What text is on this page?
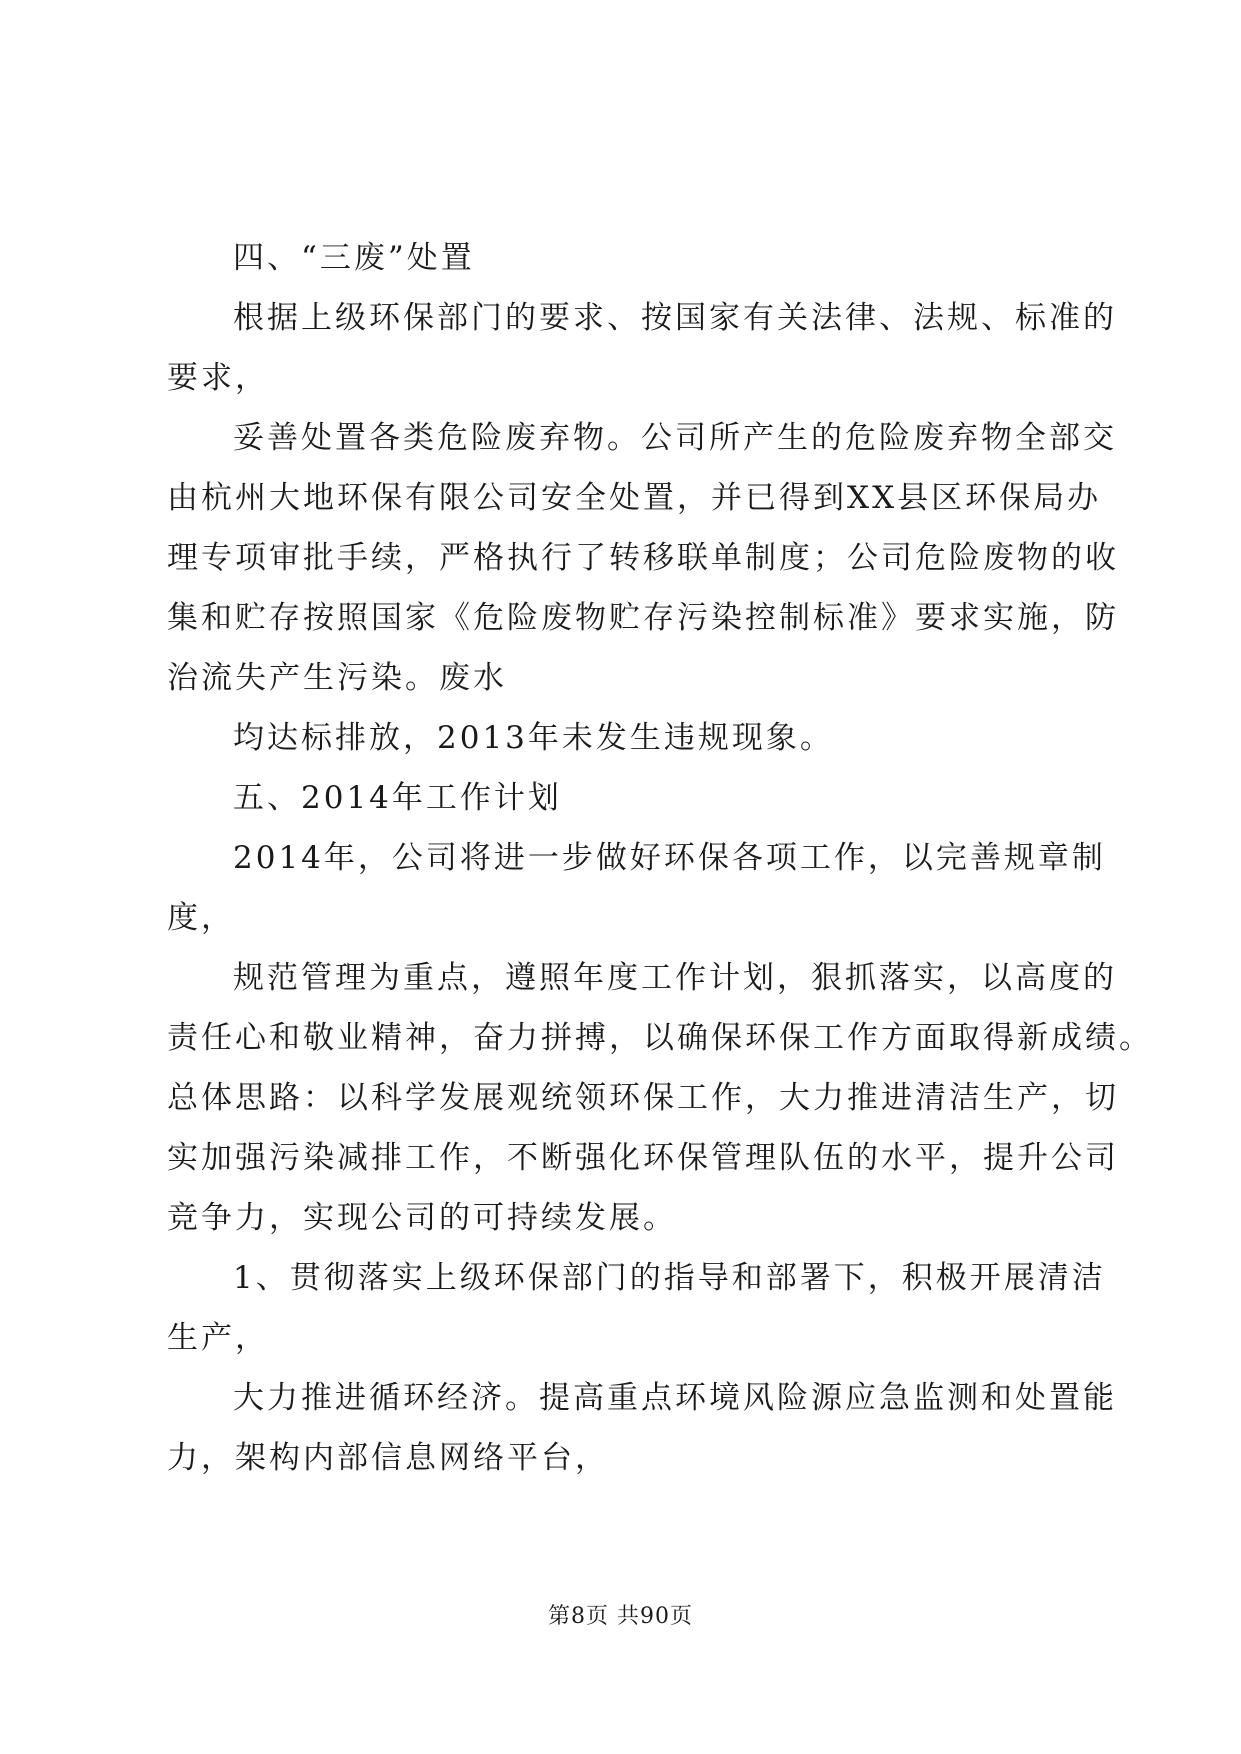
四、“三废”处置
根据上级环保部门的要求、按国家有关法律、法规、标准的
要求，
妥善处置各类危险废弃物。公司所产生的危险废弃物全部交
由杭州大地环保有限公司安全处置，并已得到XX县区环保局办
理专项审批手续，严格执行了转移联单制度；公司危险废物的收
集和贮存按照国家《危险废物贮存污染控制标准》要求实施，防
治流失产生污染。废水
均达标排放，2013年未发生违规现象。
五、2014年工作计划
2014年，公司将进一步做好环保各项工作，以完善规章制
度，
规范管理为重点，遵照年度工作计划，狠抓落实，以高度的
责任心和敬业精神，奋力拼搏，以确保环保工作方面取得新成绩。
总体思路：以科学发展观统领环保工作，大力推进清洁生产，切
实加强污染减排工作，不断强化环保管理队伍的水平，提升公司
竞争力，实现公司的可持续发展。
1、贯彻落实上级环保部门的指导和部署下，积极开展清洁
生产，
大力推进循环经济。提高重点环境风险源应急监测和处置能
力，架构内部信息网络平台，
第8页 共90页
